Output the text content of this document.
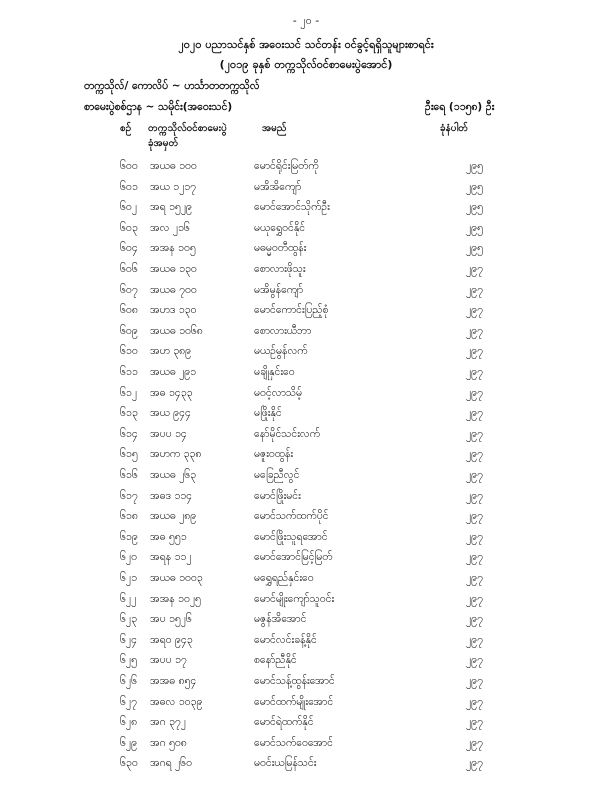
- ၂၀ -
၂၀၂၀ ပညာသင်နှစ် အဝေးသင် သင်တန်း ဝင်ခွင့်ရရှိသူများစာရင်း
(၂၀၁၉ ခုနှစ် တက္ကသိုလ်ဝင်စာမေးပွဲအောင်)
တက္ကသိုလ်/ ကောလိပ် ~ ဟင်္သာတတက္ကသိုလ်
စာမေးပွဲစစ်ဌာန ~ သမိုင်း(အဝေးသင်)	ဦးရေ (၁၁၅၈) ဦး
စဉ် တက္ကသိုလ်ဝင်စာမေးပွဲ
ခုံအမှတ်
အမည်	ခုံနံပါတ်
၆၀၀ အယဓ ၁၀၀	မောင်ရိုင်းမြတ်ကို	၂၉၅
၆၀၁ အယ ၁၂၁၇	မအိအိကျော်	၂၉၅
၆၀၂ အရ ၁၅၂၉	မောင်အောင်သိုက်ဦး	၂၉၅
၆၀၃ အလ ၂၁၆	မယုရွှေဝင်နိုင်	၂၉၅
၆၀၄ အအန ၁၀၅	မဓမ္မဝတီထွန်း	၂၉၅
၆၀၆ အယဓ ၁၃၀	စောလားဖိုသူး	၂၉၇
၆၀၇ အယဓ ၇၀၀	မအိမွန်ကျော်	၂၉၇
၆၀၈ အဟဒ ၁၃၀	မောင်ကောင်းပြည့်စုံ	၂၉၇
၆၀၉ အယဓ ၁၀၆၈	စောလားယီဘာ	၂၉၇
၆၁၀ အဟ ၃၈၉	မယဉ်မွန်လက်	၂၉၇
၆၁၁ အယဓ ၂၉၁	မချိုနှင်းဝေ	၂၉၇
၆၁၂ အဓ ၁၄၃၃	မဝင့်လာသိမ့်	၂၉၇
၆၁၃ အယ ၉၄၄	မဖြိုးနိုင်	၂၉၇
၆၁၄ အပပ ၁၄	နော်မိုင်သင်းလက်	၂၉၇
၆၁၅ အဟက ၃၃၈	မဇူးဝထွန်း	၂၉၇
၆၁၆ အယဓ ၂၆၃	မခြေညီလွင်	၂၉၇
၆၁၇ အဓဒ ၁၁၄	မောင်ဖြိုးမင်း	၂၉၇
၆၁၈ အယဓ ၂၈၉	မောင်သက်ထက်ပိုင်	၂၉၇
၆၁၉ အဓ ၅၅၁	မောင်ဖြိုးသူရအောင်	၂၉၇
၆၂၀ အရန ၁၁၂	မောင်အောင်မြင့်မြတ်	၂၉၇
၆၂၁ အယဓ ၁၀၀၃	မရွှေရည်နှင်းဝေ	၂၉၇
၆၂၂ အအန ၁၀၂၅	မောင်မျိုးကျော်သူဝင်း	၂၉၇
၆၂၃ အပ ၁၅၂၆	မဇွန်အိအောင်	၂၉၇
၆၂၄ အရ၀ ၉၄၃	မောင်လင်းခန့်နိုင်	၂၉၇
၆၂၅ အပပ ၁၇	စနော်ညီနိုင်	၂၉၇
၆၂၆ အအဓ ၈၅၄	မောင်သန့်ထွန်းအောင်	၂၉၇
၆၂၇ အဓလ ၁၀၃၉	မောင်ထက်မျိုးအောင်	၂၉၇
၆၂၈ အဂ ၃၇၂	မောင်ရဲထက်နိုင်	၂၉၇
၆၂၉ အဂ ၅၀၈	မောင်သက်ဝေအောင်	၂၉၇
၆၃၀ အဂရ ၂၆၀	မဝင်းယမြန်သင်း	၂၉၇
